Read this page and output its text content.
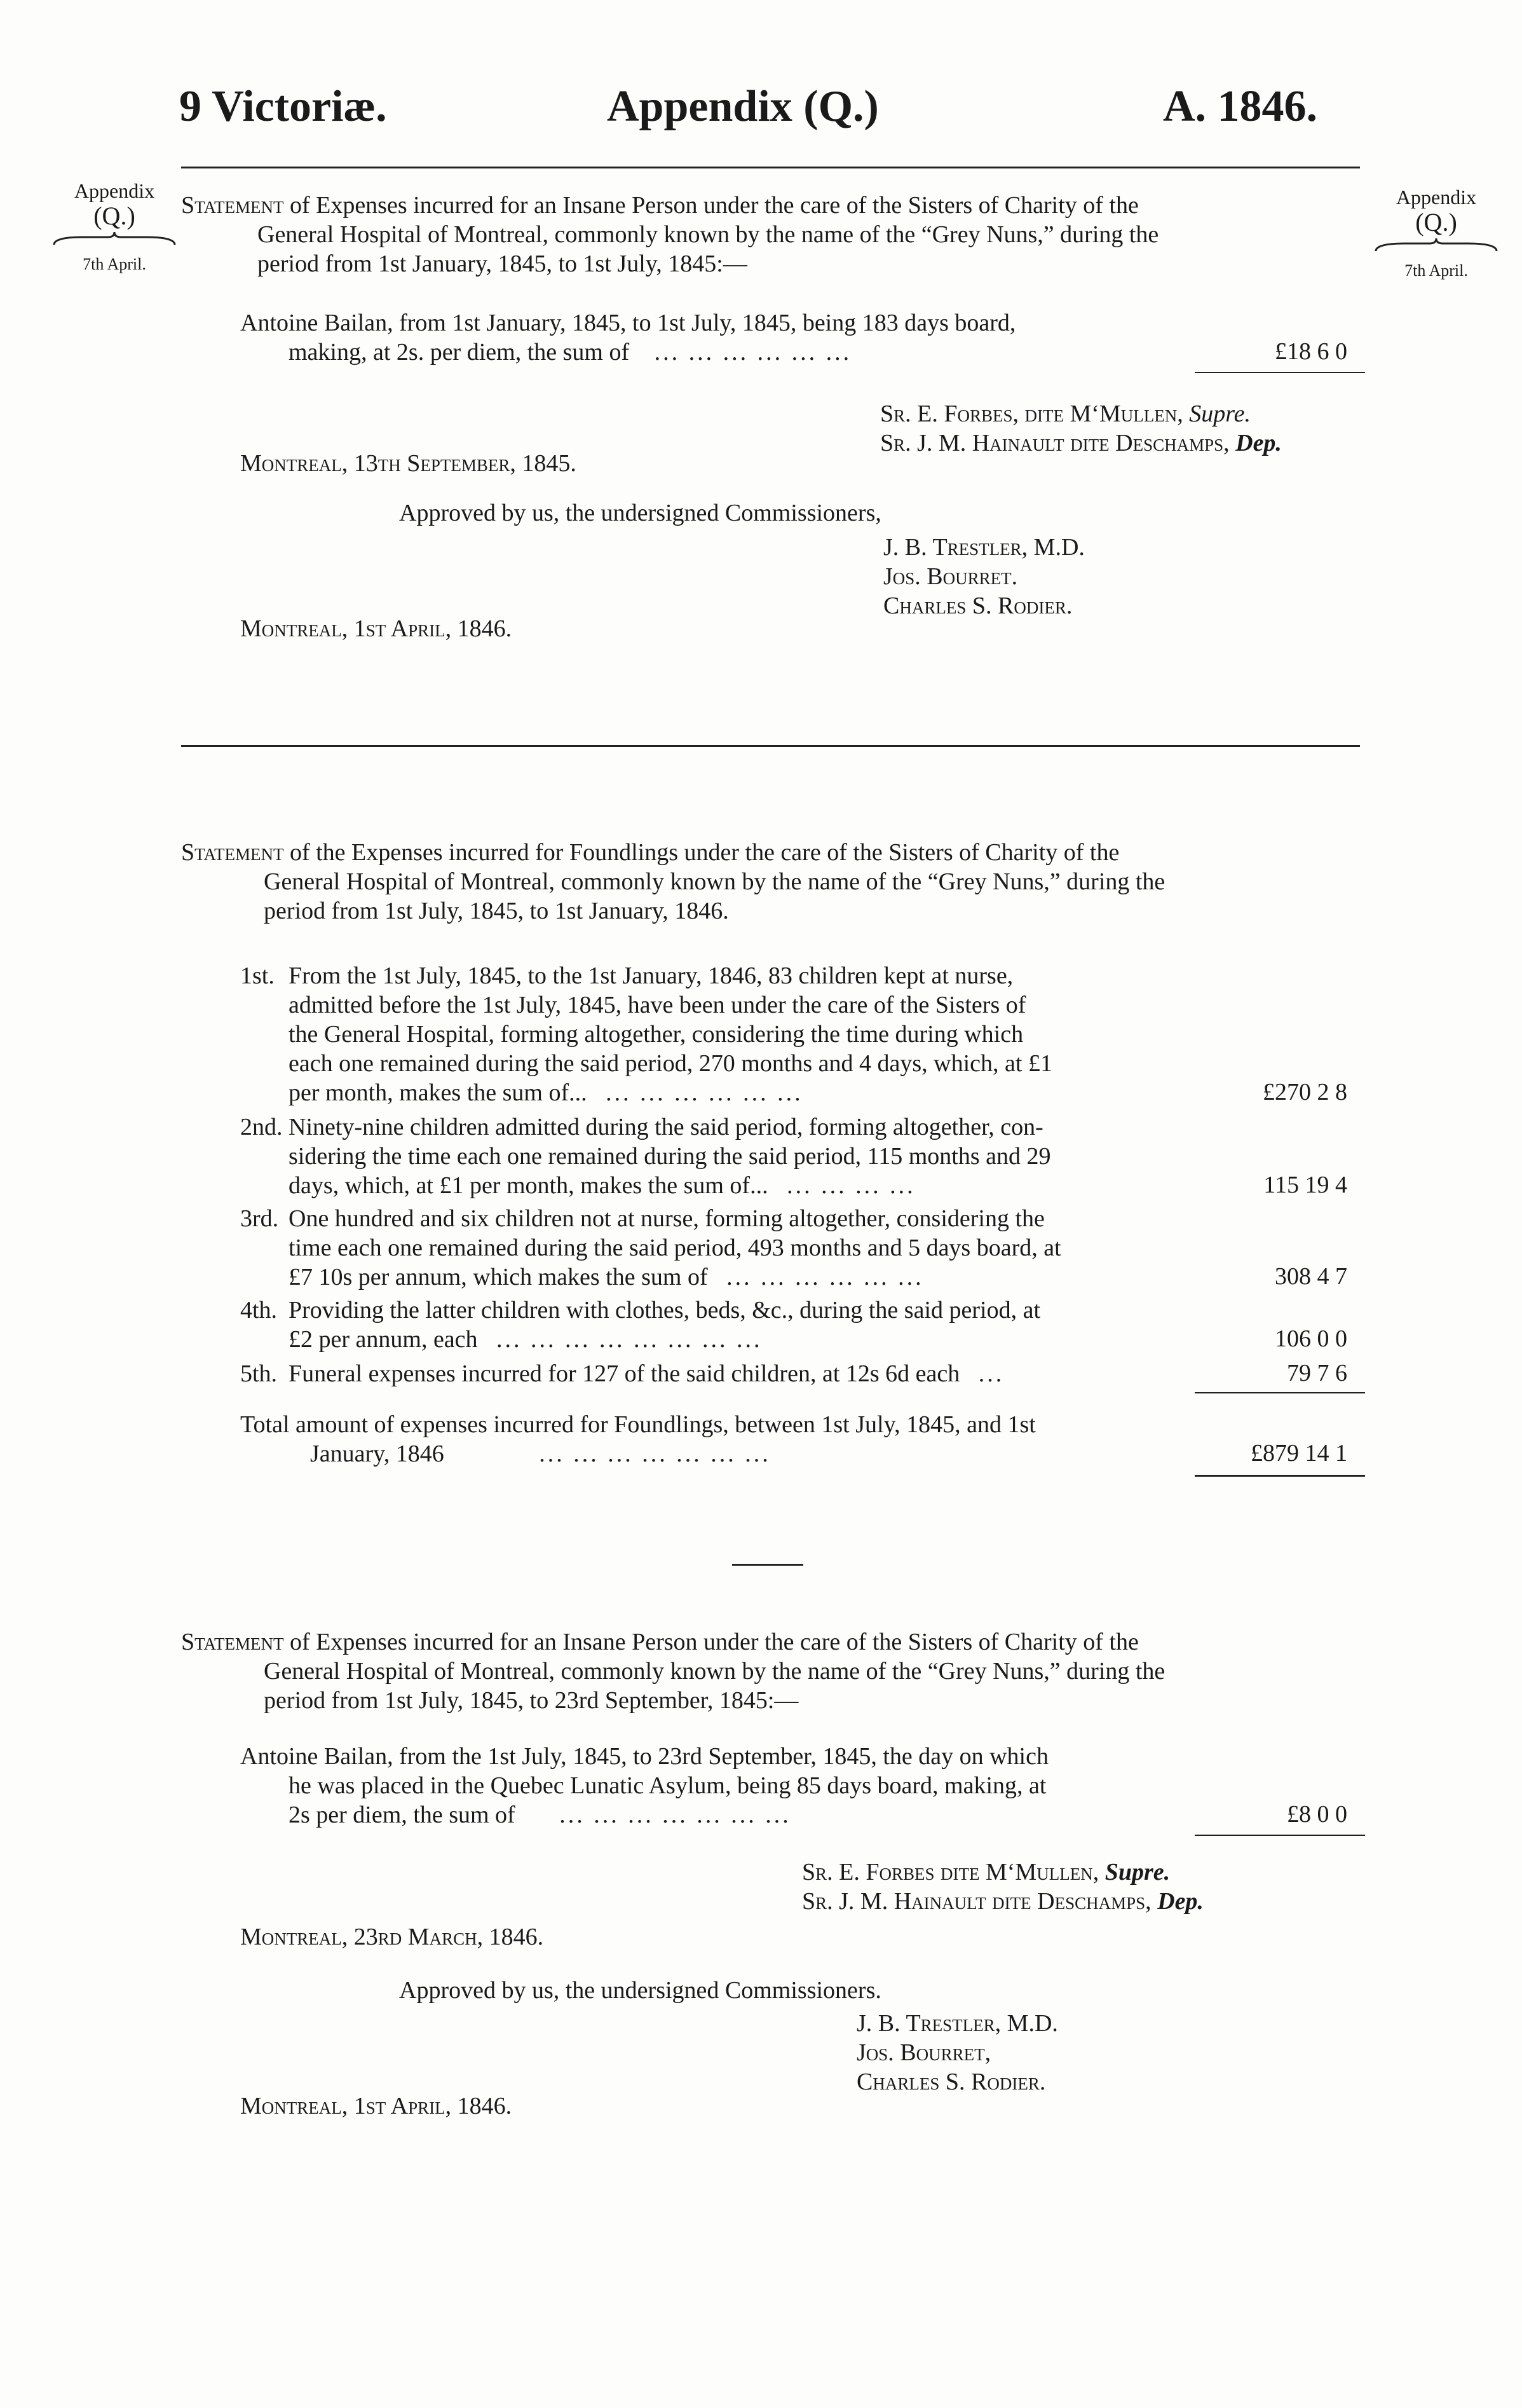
9 Victoriæ.	Appendix (Q.)	A. 1846.
Appendix
(Q.)
7th April.
Appendix
(Q.)
7th April.
Statement of Expenses incurred for an Insane Person under the care of the Sisters of Charity of the
General Hospital of Montreal, commonly known by the name of the “Grey Nuns,” during the
period from 1st January, 1845, to 1st July, 1845:—
Antoine Bailan, from 1st January, 1845, to 1st July, 1845, being 183 days board,
making, at 2s. per diem, the sum of ... ... ... ... ... ...	£18 6 0
Sr. E. Forbes, dite M‘Mullen, Supre.
Sr. J. M. Hainault dite Deschamps, Dep.
Montreal, 13th September, 1845.
Approved by us, the undersigned Commissioners,
J. B. Trestler, M.D.
Jos. Bourret.
Charles S. Rodier.
Montreal, 1st April, 1846.
Statement of the Expenses incurred for Foundlings under the care of the Sisters of Charity of the
General Hospital of Montreal, commonly known by the name of the “Grey Nuns,” during the
period from 1st July, 1845, to 1st January, 1846.
1st. From the 1st July, 1845, to the 1st January, 1846, 83 children kept at nurse,
admitted before the 1st July, 1845, have been under the care of the Sisters of
the General Hospital, forming altogether, considering the time during which
each one remained during the said period, 270 months and 4 days, which, at £1
per month, makes the sum of... ... ... ... ... ... ...	£270 2 8
2nd. Ninety-nine children admitted during the said period, forming altogether, con-
sidering the time each one remained during the said period, 115 months and 29
days, which, at £1 per month, makes the sum of... ... ... ... ...	115 19 4
3rd. One hundred and six children not at nurse, forming altogether, considering the
time each one remained during the said period, 493 months and 5 days board, at
£7 10s per annum, which makes the sum of ... ... ... ... ... ...	308 4 7
4th. Providing the latter children with clothes, beds, &c., during the said period, at
£2 per annum, each ... ... ... ... ... ... ... ...	106 0 0
5th. Funeral expenses incurred for 127 of the said children, at 12s 6d each ...	79 7 6
Total amount of expenses incurred for Foundlings, between 1st July, 1845, and 1st
January, 1846	... ... ... ... ... ... ...	£879 14 1
Statement of Expenses incurred for an Insane Person under the care of the Sisters of Charity of the
General Hospital of Montreal, commonly known by the name of the “Grey Nuns,” during the
period from 1st July, 1845, to 23rd September, 1845:—
Antoine Bailan, from the 1st July, 1845, to 23rd September, 1845, the day on which
he was placed in the Quebec Lunatic Asylum, being 85 days board, making, at
2s per diem, the sum of ... ... ... ... ... ... ...	£8 0 0
Sr. E. Forbes dite M‘Mullen, Supre.
Sr. J. M. Hainault dite Deschamps, Dep.
Montreal, 23rd March, 1846.
Approved by us, the undersigned Commissioners.
J. B. Trestler, M.D.
Jos. Bourret,
Charles S. Rodier.
Montreal, 1st April, 1846.
